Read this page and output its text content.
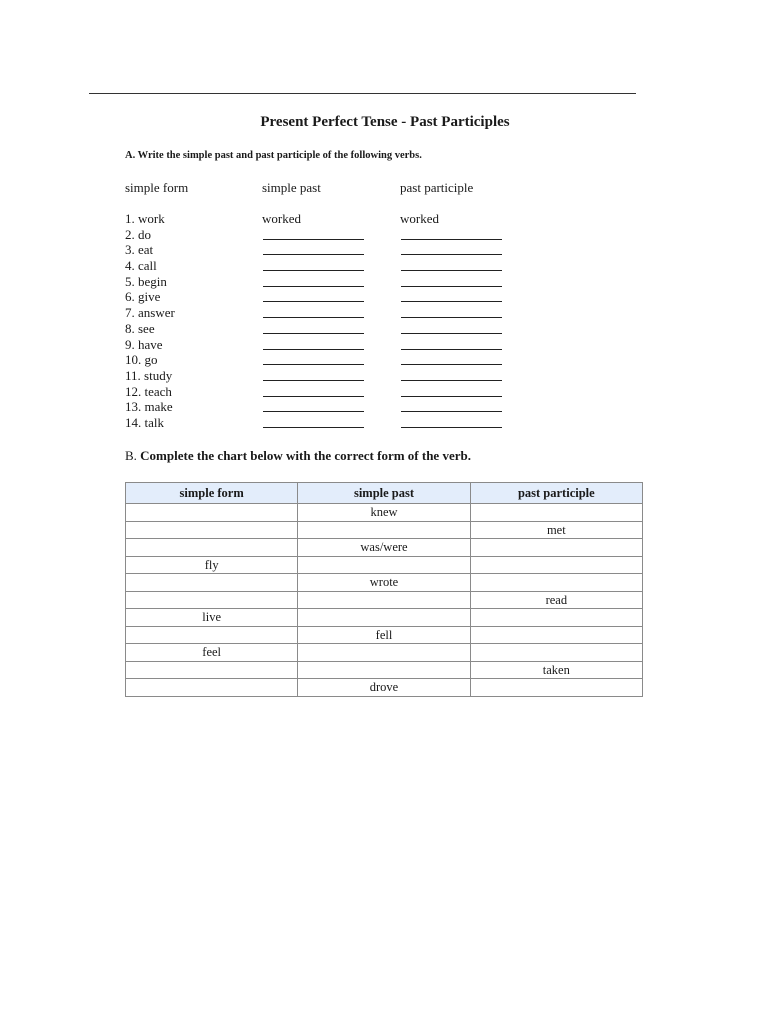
Present Perfect Tense - Past Participles
A. Write the simple past and past participle of the following verbs.
simple form	simple past	past participle
1. work	worked	worked
2. do
3. eat
4. call
5. begin
6. give
7. answer
8. see
9. have
10. go
11. study
12. teach
13. make
14. talk
B. Complete the chart below with the correct form of the verb.
simple form	simple past	past participle
	knew	
		met
	was/were	
fly		
	wrote	
		read
live		
	fell	
feel		
		taken
	drove	
